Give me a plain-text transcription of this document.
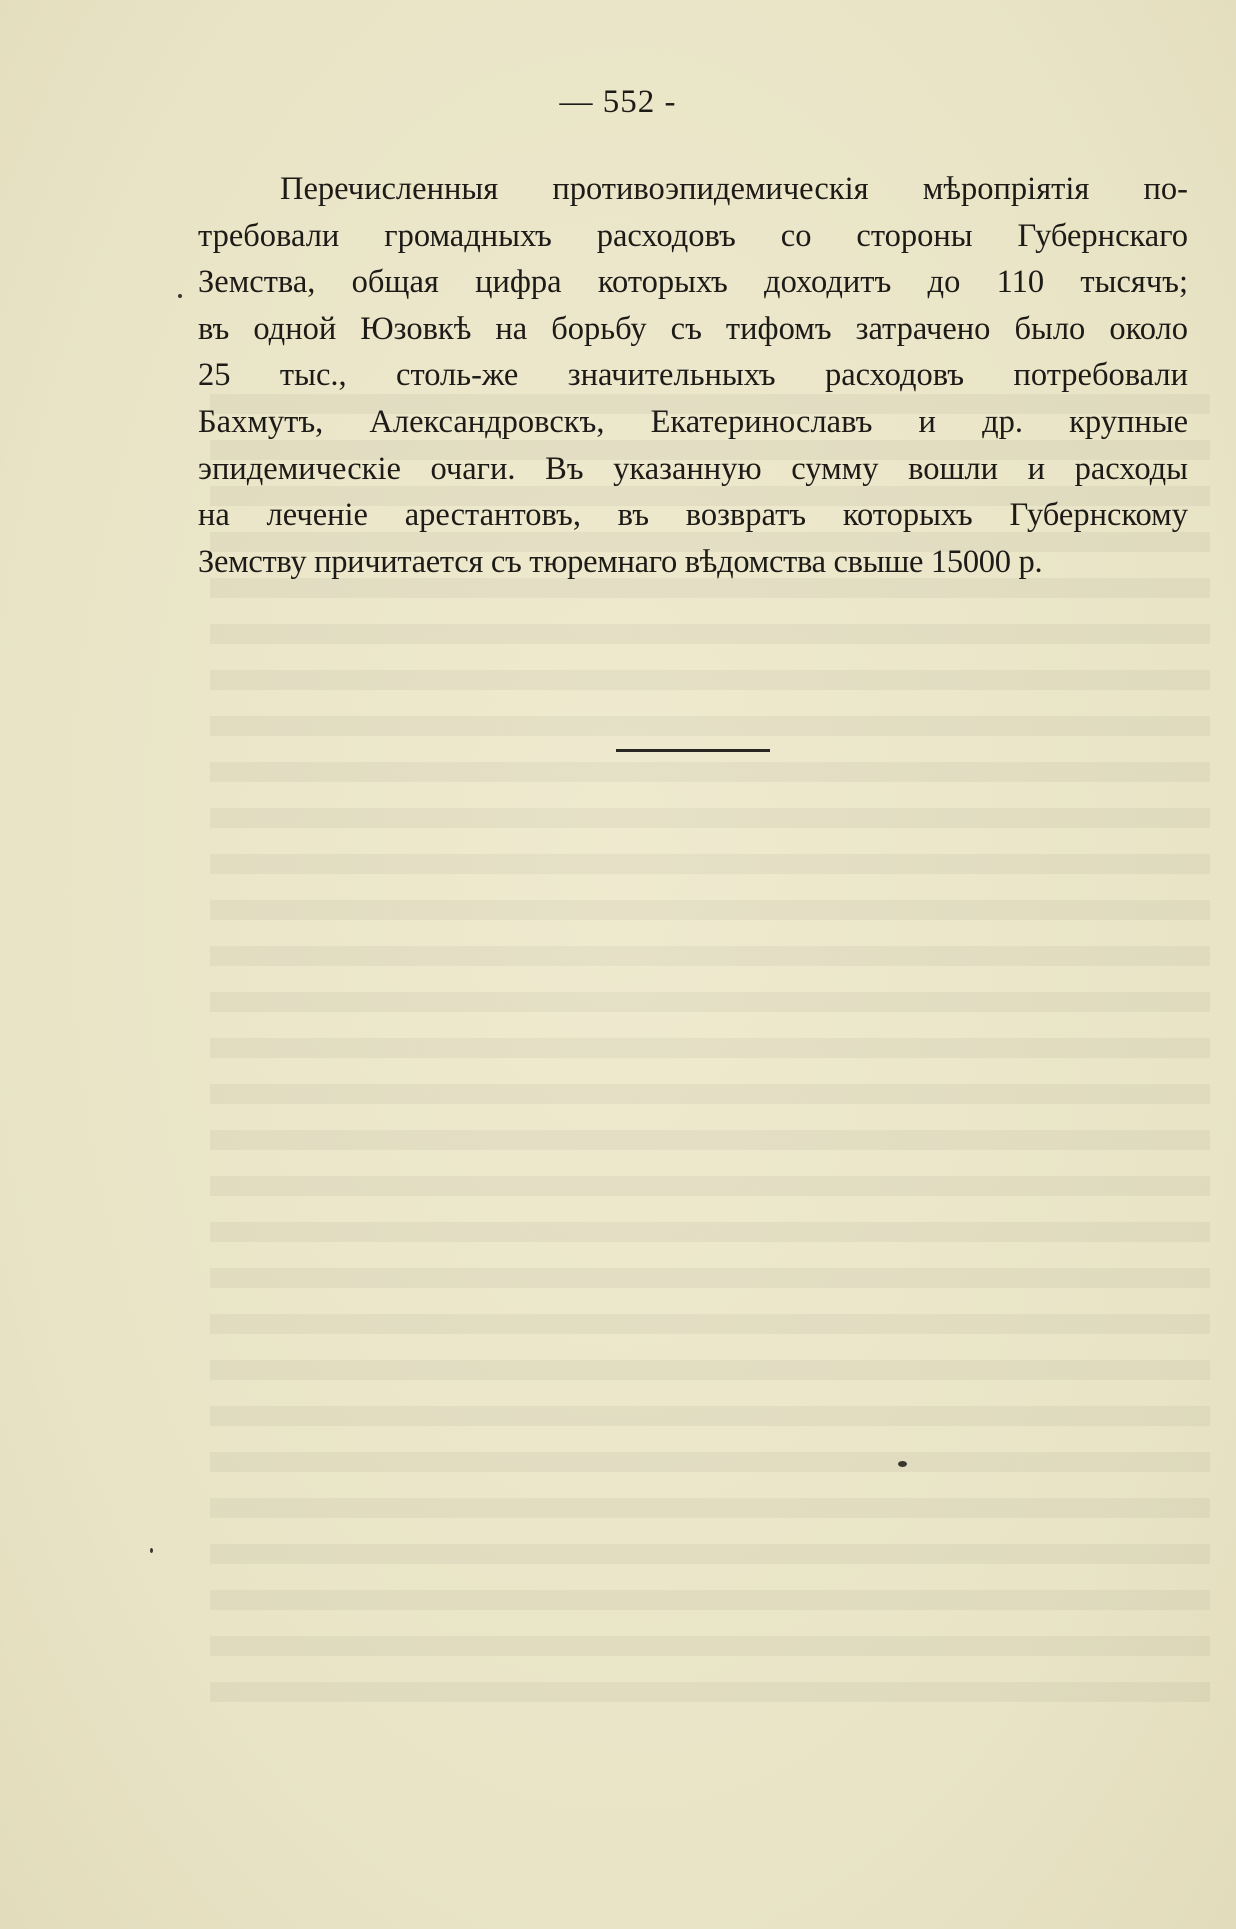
— 552 -
Перечисленныя противоэпидемическія мѣропріятія по-
требовали громадныхъ расходовъ со стороны Губернскаго
Земства, общая цифра которыхъ доходитъ до 110 тысячъ;
въ одной Юзовкѣ на борьбу съ тифомъ затрачено было около
25 тыс., столь-же значительныхъ расходовъ потребовали
Бахмутъ, Александровскъ, Екатеринославъ и др. крупные
эпидемическіе очаги. Въ указанную сумму вошли и расходы
на леченіе арестантовъ, въ возвратъ которыхъ Губернскому
Земству причитается съ тюремнаго вѣдомства свыше 15000 р.
